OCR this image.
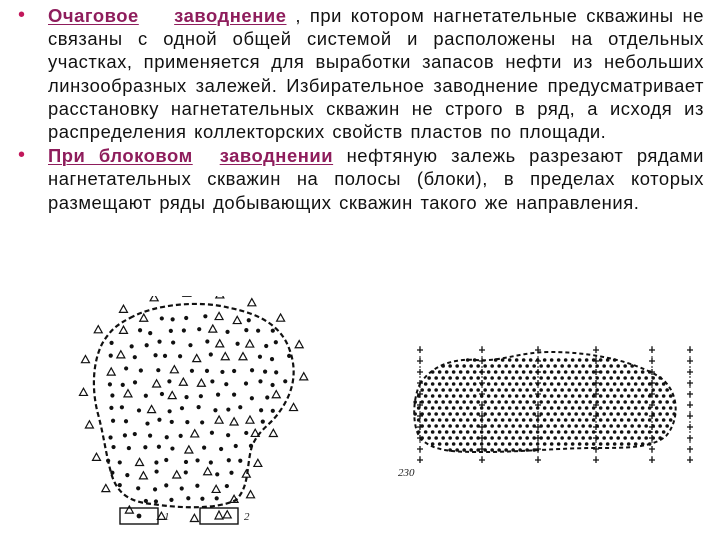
• Очаговое заводнение , при котором нагнетательные скважины не связаны с одной общей системой и расположены на отдельных участках, применяется для выработки запасов нефти из небольших линзообразных залежей. Избирательное заводнение предусматривает расстановку нагнетательных скважин не строго в ряд, а исходя из распределения коллекторских свойств пластов по площади.
• При блоковом заводнении нефтяную залежь разрезают рядами нагнетательных скважин на полосы (блоки), в пределах которых размещают ряды добывающих скважин такого же направления.
1	2
230
